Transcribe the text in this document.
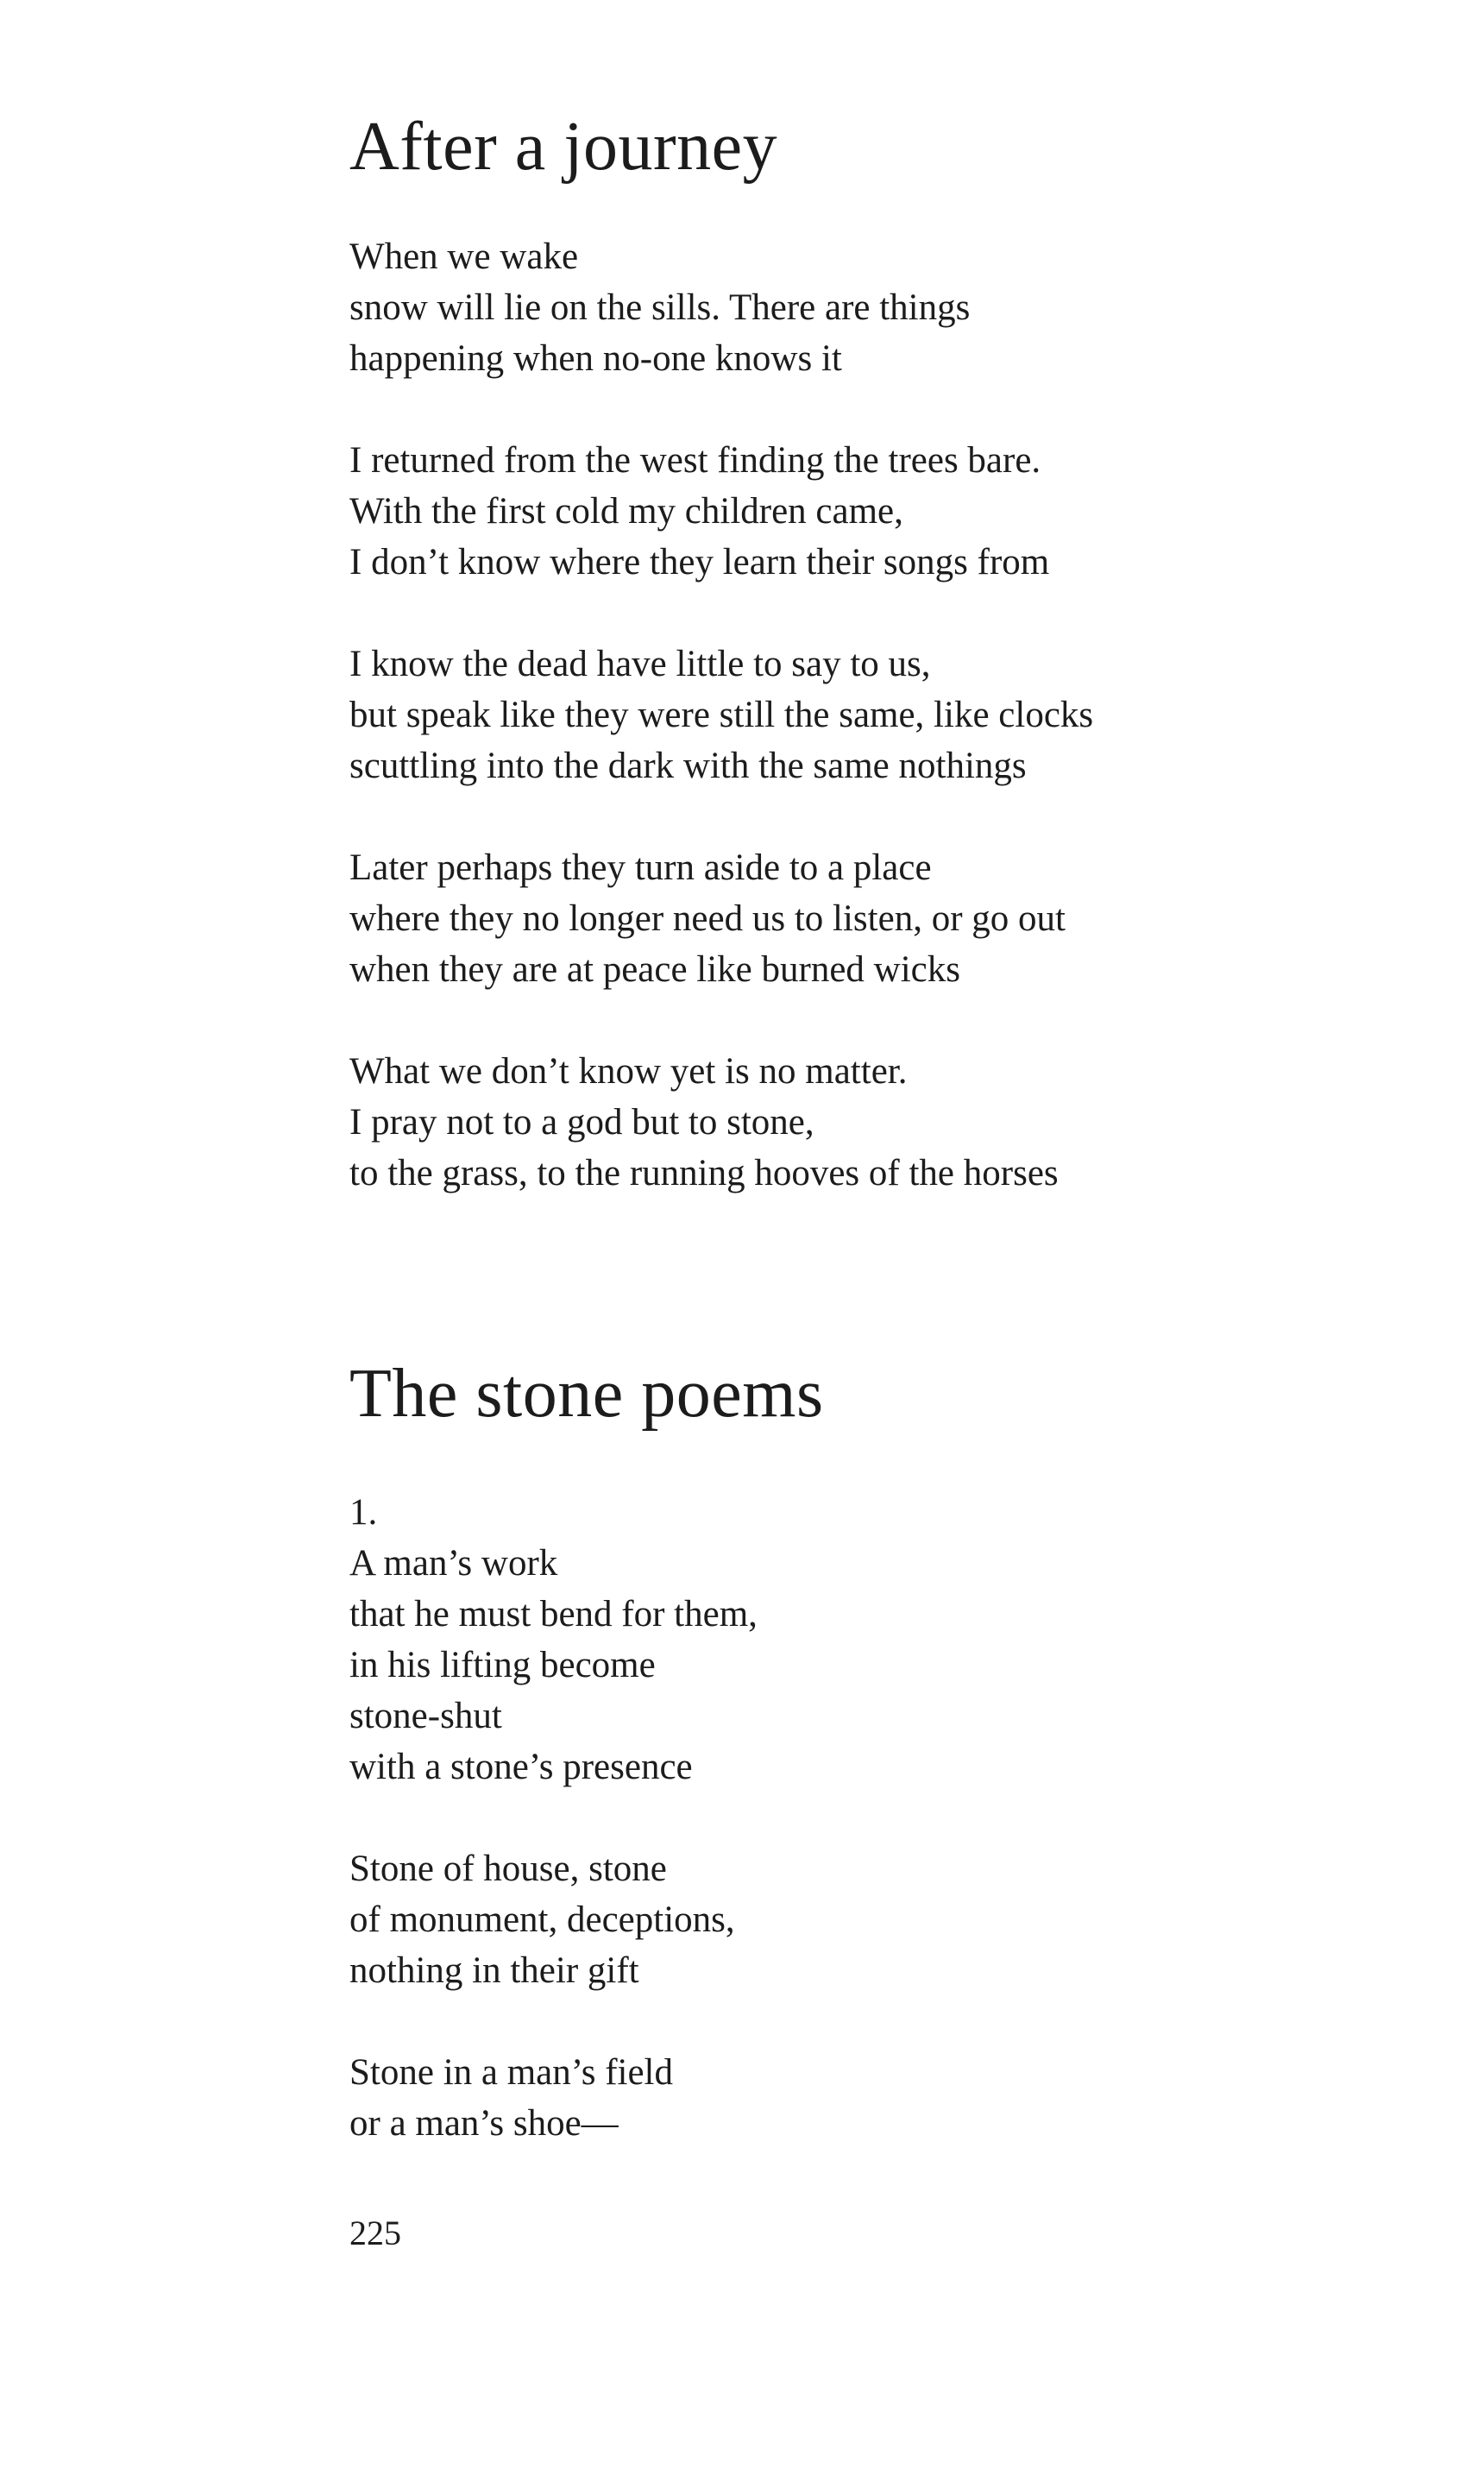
After a journey
When we wake
snow will lie on the sills. There are things
happening when no-one knows it
I returned from the west finding the trees bare.
With the first cold my children came,
I don’t know where they learn their songs from
I know the dead have little to say to us,
but speak like they were still the same, like clocks
scuttling into the dark with the same nothings
Later perhaps they turn aside to a place
where they no longer need us to listen, or go out
when they are at peace like burned wicks
What we don’t know yet is no matter.
I pray not to a god but to stone,
to the grass, to the running hooves of the horses
The stone poems
1.
A man’s work
that he must bend for them,
in his lifting become
stone-shut
with a stone’s presence
Stone of house, stone
of monument, deceptions,
nothing in their gift
Stone in a man’s field
or a man’s shoe—
225
